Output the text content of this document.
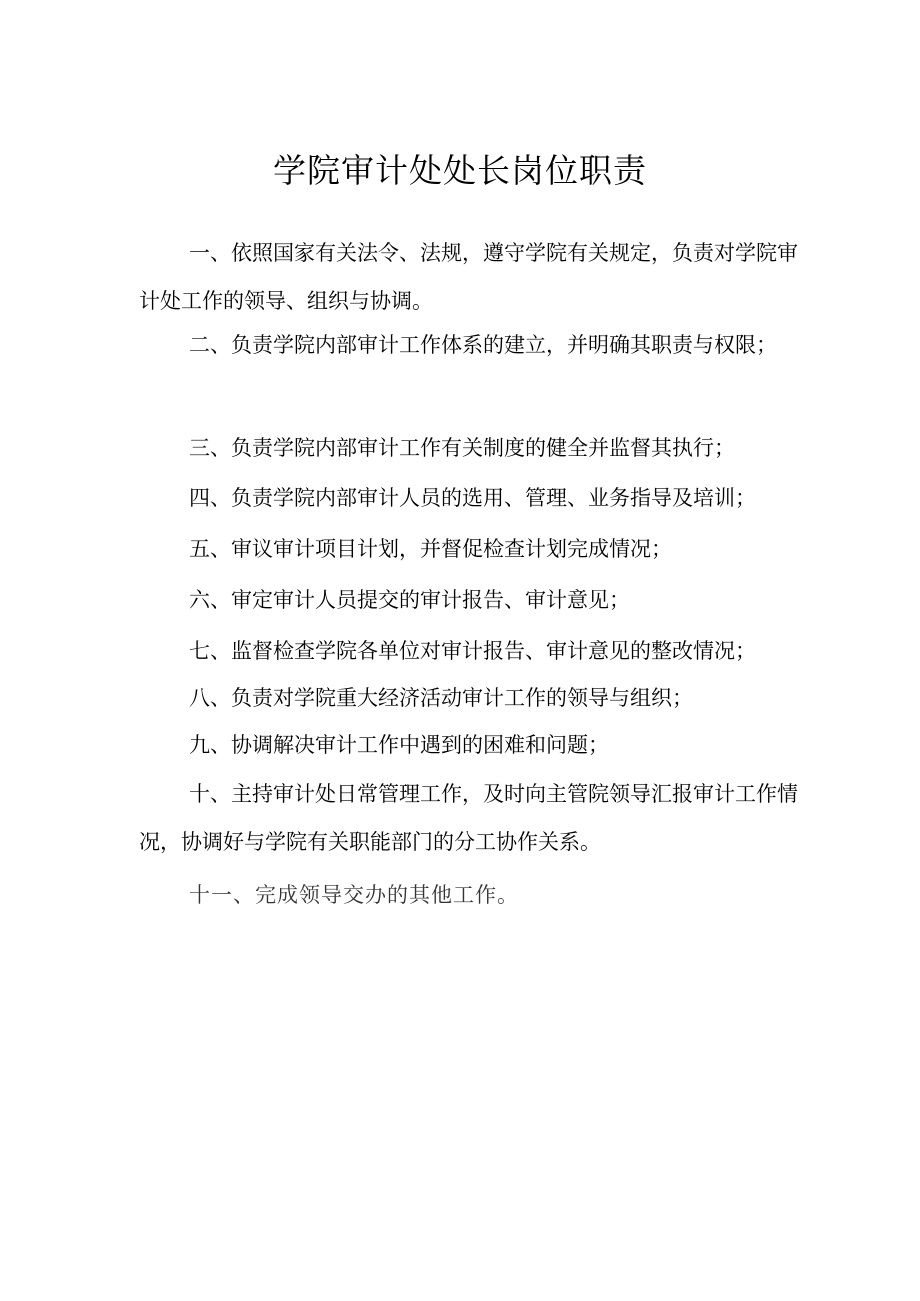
学院审计处处长岗位职责

一、依照国家有关法令、法规，遵守学院有关规定，负责对学院审计处工作的领导、组织与协调。

二、负责学院内部审计工作体系的建立，并明确其职责与权限；

三、负责学院内部审计工作有关制度的健全并监督其执行；

四、负责学院内部审计人员的选用、管理、业务指导及培训；

五、审议审计项目计划，并督促检查计划完成情况；

六、审定审计人员提交的审计报告、审计意见；

七、监督检查学院各单位对审计报告、审计意见的整改情况；

八、负责对学院重大经济活动审计工作的领导与组织；

九、协调解决审计工作中遇到的困难和问题；

十、主持审计处日常管理工作，及时向主管院领导汇报审计工作情况，协调好与学院有关职能部门的分工协作关系。

十一、完成领导交办的其他工作。
